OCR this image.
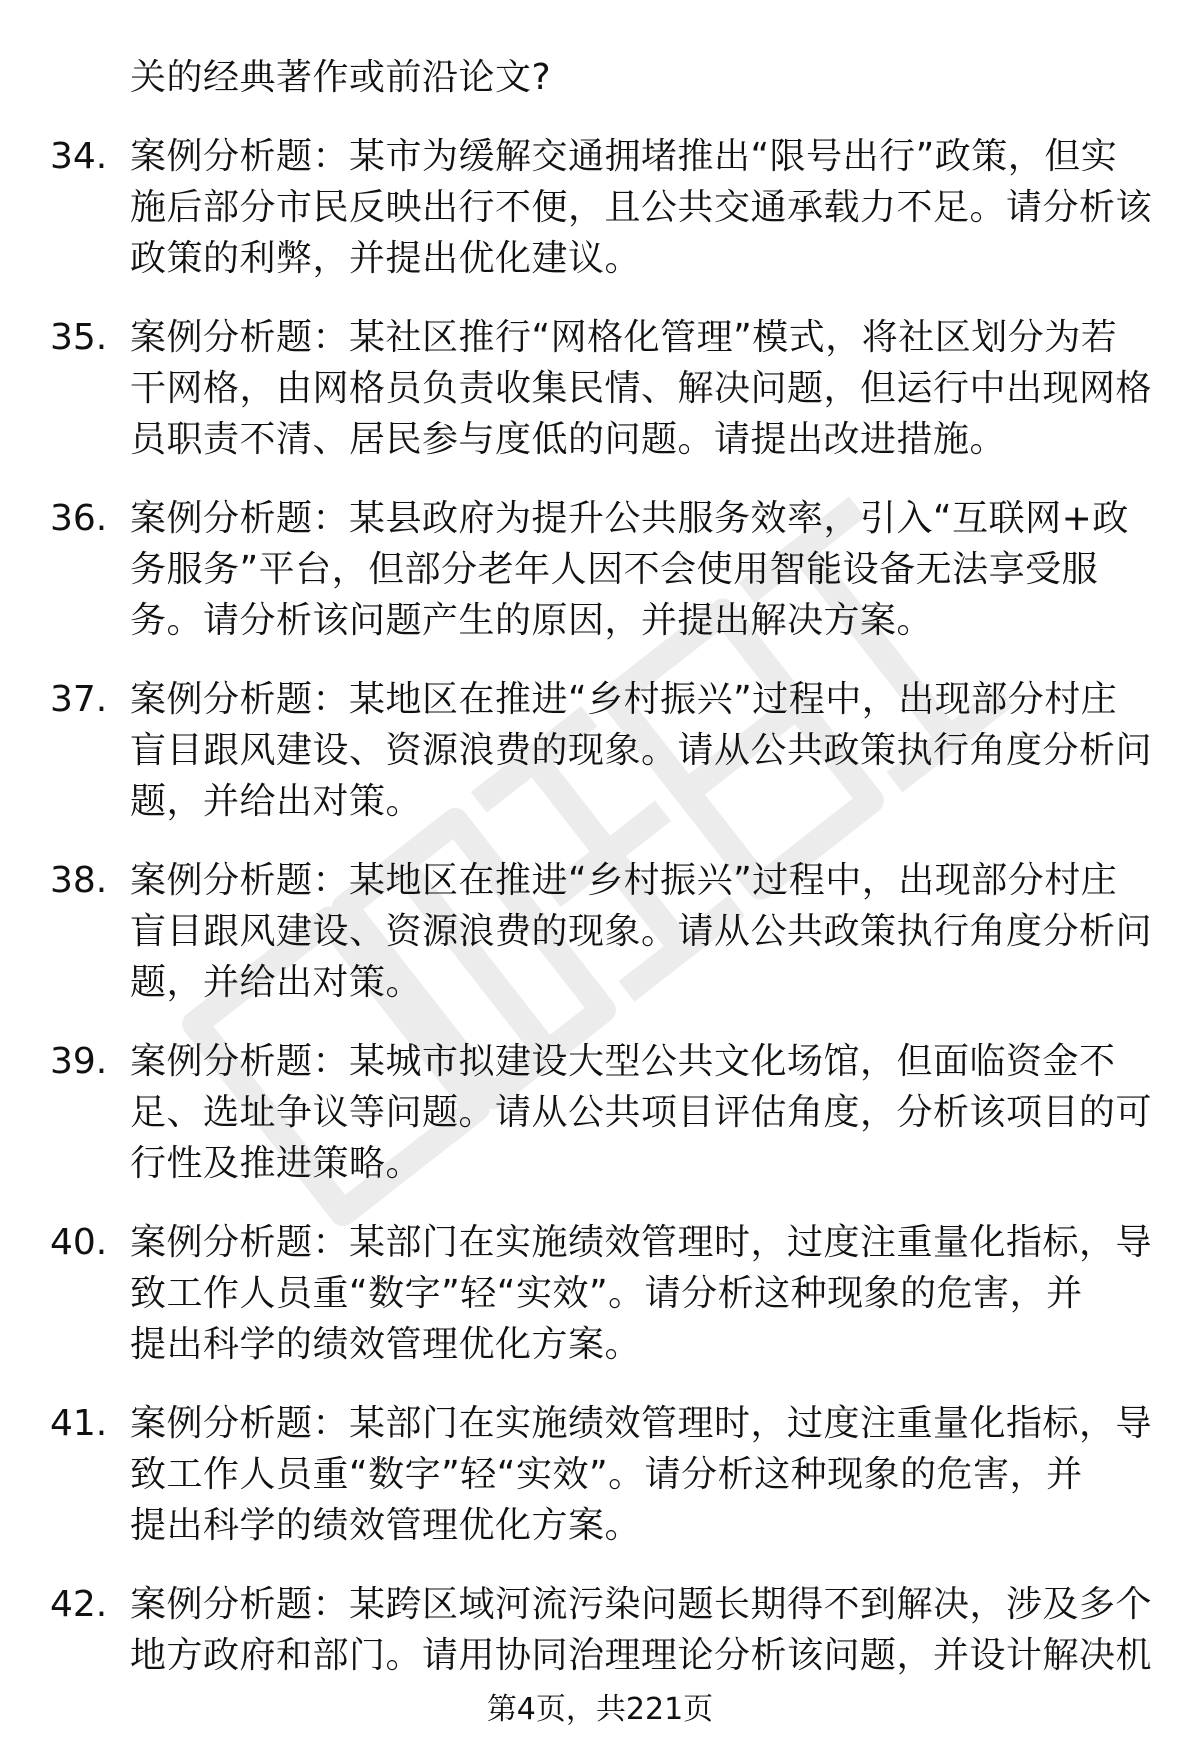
关的经典著作或前沿论文?
34. 案例分析题：某市为缓解交通拥堵推出“限号出行”政策，但实
施后部分市民反映出行不便，且公共交通承载力不足。请分析该
政策的利弊，并提出优化建议。
35. 案例分析题：某社区推行“网格化管理”模式，将社区划分为若
干网格，由网格员负责收集民情、解决问题，但运行中出现网格
员职责不清、居民参与度低的问题。请提出改进措施。
36. 案例分析题：某县政府为提升公共服务效率，引入“互联网+政
务服务”平台，但部分老年人因不会使用智能设备无法享受服
务。请分析该问题产生的原因，并提出解决方案。
37. 案例分析题：某地区在推进“乡村振兴”过程中，出现部分村庄
盲目跟风建设、资源浪费的现象。请从公共政策执行角度分析问
题，并给出对策。
38. 案例分析题：某地区在推进“乡村振兴”过程中，出现部分村庄
盲目跟风建设、资源浪费的现象。请从公共政策执行角度分析问
题，并给出对策。
39. 案例分析题：某城市拟建设大型公共文化场馆，但面临资金不
足、选址争议等问题。请从公共项目评估角度，分析该项目的可
行性及推进策略。
40. 案例分析题：某部门在实施绩效管理时，过度注重量化指标，导
致工作人员重“数字”轻“实效”。请分析这种现象的危害，并
提出科学的绩效管理优化方案。
41. 案例分析题：某部门在实施绩效管理时，过度注重量化指标，导
致工作人员重“数字”轻“实效”。请分析这种现象的危害，并
提出科学的绩效管理优化方案。
42. 案例分析题：某跨区域河流污染问题长期得不到解决，涉及多个
地方政府和部门。请用协同治理理论分析该问题，并设计解决机
第4页，共221页
